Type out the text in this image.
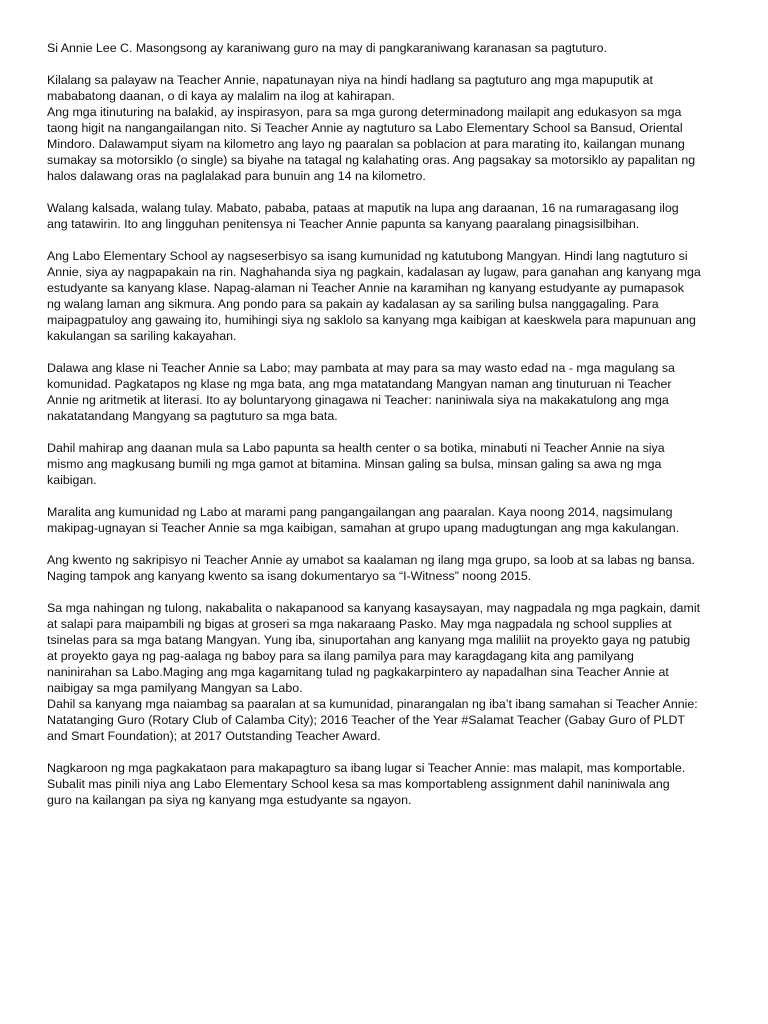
Si Annie Lee C. Masongsong ay karaniwang guro na may di pangkaraniwang karanasan sa pagtuturo.

Kilalang sa palayaw na Teacher Annie, napatunayan niya na hindi hadlang sa pagtuturo ang mga mapuputik at
mababatong daanan, o di kaya ay malalim na ilog at kahirapan.

Ang mga itinuturing na balakid, ay inspirasyon, para sa mga gurong determinadong mailapit ang edukasyon sa mga
taong higit na nangangailangan nito. Si Teacher Annie ay nagtuturo sa Labo Elementary School sa Bansud, Oriental
Mindoro. Dalawamput siyam na kilometro ang layo ng paaralan sa poblacion at para marating ito, kailangan munang
sumakay sa motorsiklo (o single) sa biyahe na tatagal ng kalahating oras. Ang pagsakay sa motorsiklo ay papalitan ng
halos dalawang oras na paglalakad para bunuin ang 14 na kilometro.

Walang kalsada, walang tulay. Mabato, pababa, pataas at maputik na lupa ang daraanan, 16 na rumaragasang ilog
ang tatawirin. Ito ang lingguhan penitensya ni Teacher Annie papunta sa kanyang paaralang pinagsisilbihan.

Ang Labo Elementary School ay nagseserbisyo sa isang kumunidad ng katutubong Mangyan. Hindi lang nagtuturo si
Annie, siya ay nagpapakain na rin. Naghahanda siya ng pagkain, kadalasan ay lugaw, para ganahan ang kanyang mga
estudyante sa kanyang klase. Napag-alaman ni Teacher Annie na karamihan ng kanyang estudyante ay pumapasok
ng walang laman ang sikmura. Ang pondo para sa pakain ay kadalasan ay sa sariling bulsa nanggagaling. Para
maipagpatuloy ang gawaing ito, humihingi siya ng saklolo sa kanyang mga kaibigan at kaeskwela para mapunuan ang
kakulangan sa sariling kakayahan.

Dalawa ang klase ni Teacher Annie sa Labo; may pambata at may para sa may wasto edad na - mga magulang sa
komunidad. Pagkatapos ng klase ng mga bata, ang mga matatandang Mangyan naman ang tinuturuan ni Teacher
Annie ng aritmetik at literasi. Ito ay boluntaryong ginagawa ni Teacher: naniniwala siya na makakatulong ang mga
nakatatandang Mangyang sa pagtuturo sa mga bata.

Dahil mahirap ang daanan mula sa Labo papunta sa health center o sa botika, minabuti ni Teacher Annie na siya
mismo ang magkusang bumili ng mga gamot at bitamina. Minsan galing sa bulsa, minsan galing sa awa ng mga
kaibigan.

Maralita ang kumunidad ng Labo at marami pang pangangailangan ang paaralan. Kaya noong 2014, nagsimulang
makipag-ugnayan si Teacher Annie sa mga kaibigan, samahan at grupo upang madugtungan ang mga kakulangan.

Ang kwento ng sakripisyo ni Teacher Annie ay umabot sa kaalaman ng ilang mga grupo, sa loob at sa labas ng bansa.
Naging tampok ang kanyang kwento sa isang dokumentaryo sa “I-Witness” noong 2015.

Sa mga nahingan ng tulong, nakabalita o nakapanood sa kanyang kasaysayan, may nagpadala ng mga pagkain, damit
at salapi para maipambili ng bigas at groseri sa mga nakaraang Pasko. May mga nagpadala ng school supplies at
tsinelas para sa mga batang Mangyan. Yung iba, sinuportahan ang kanyang mga maliliit na proyekto gaya ng patubig
at proyekto gaya ng pag-aalaga ng baboy para sa ilang pamilya para may karagdagang kita ang pamilyang
naninirahan sa Labo.Maging ang mga kagamitang tulad ng pagkakarpintero ay napadalhan sina Teacher Annie at
naibigay sa mga pamilyang Mangyan sa Labo.

Dahil sa kanyang mga naiambag sa paaralan at sa kumunidad, pinarangalan ng iba’t ibang samahan si Teacher Annie:
Natatanging Guro (Rotary Club of Calamba City); 2016 Teacher of the Year #Salamat Teacher (Gabay Guro of PLDT
and Smart Foundation); at 2017 Outstanding Teacher Award.

Nagkaroon ng mga pagkakataon para makapagturo sa ibang lugar si Teacher Annie: mas malapit, mas komportable.
Subalit mas pinili niya ang Labo Elementary School kesa sa mas komportableng assignment dahil naniniwala ang
guro na kailangan pa siya ng kanyang mga estudyante sa ngayon.
